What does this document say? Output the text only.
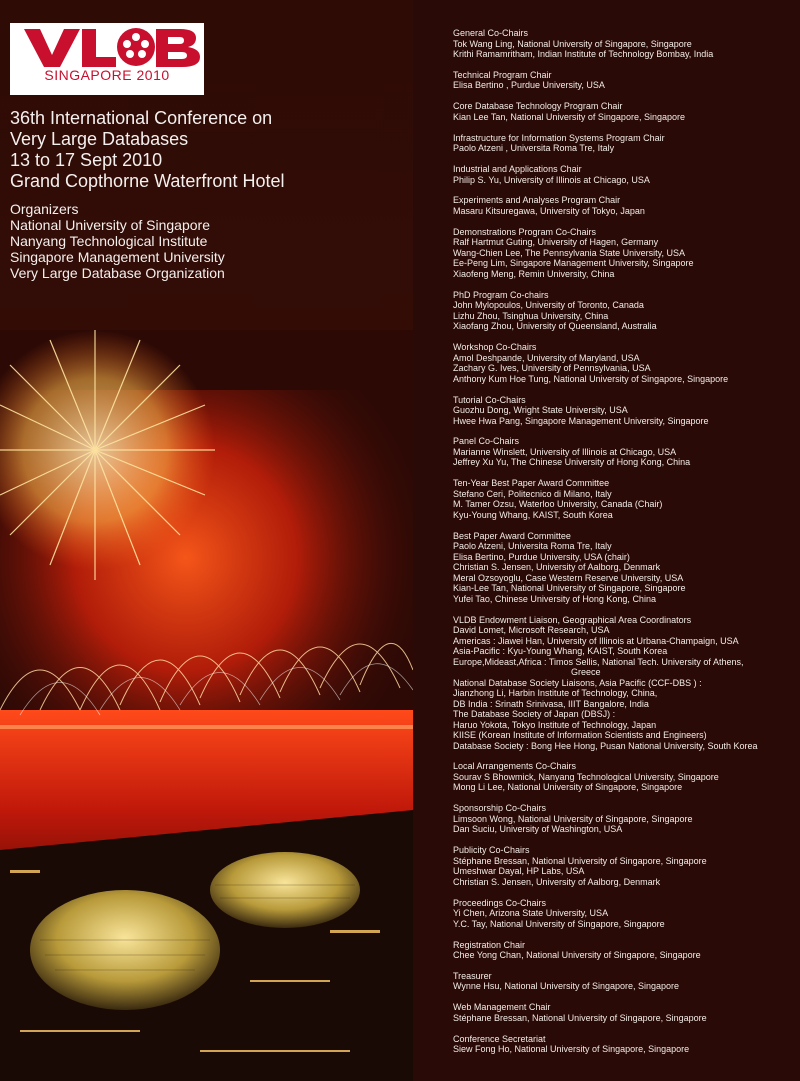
SINGAPORE 2010
36th International Conference on
Very Large Databases
13 to 17 Sept 2010
Grand Copthorne Waterfront Hotel
Organizers
National University of Singapore
Nanyang Technological Institute
Singapore Management University
Very Large Database Organization
General Co-Chairs
Tok Wang Ling, National University of Singapore, Singapore
Krithi Ramamritham, Indian Institute of Technology Bombay, India
Technical Program Chair
Elisa Bertino , Purdue University, USA
Core Database Technology Program Chair
Kian Lee Tan, National University of Singapore, Singapore
Infrastructure for Information Systems Program Chair
Paolo Atzeni , Universita Roma Tre, Italy
Industrial and Applications Chair
Philip S. Yu, University of Illinois at Chicago, USA
Experiments and Analyses Program Chair
Masaru Kitsuregawa, University of Tokyo, Japan
Demonstrations Program Co-Chairs
Ralf Hartmut Guting, University of Hagen, Germany
Wang-Chien Lee, The Pennsylvania State University, USA
Ee-Peng Lim, Singapore Management University, Singapore
Xiaofeng Meng, Remin University, China
PhD Program Co-chairs
John Mylopoulos, University of Toronto, Canada
Lizhu Zhou, Tsinghua University, China
Xiaofang Zhou, University of Queensland, Australia
Workshop Co-Chairs
Amol Deshpande, University of Maryland, USA
Zachary G. Ives, University of Pennsylvania, USA
Anthony Kum Hoe Tung, National University of Singapore, Singapore
Tutorial Co-Chairs
Guozhu Dong, Wright State University, USA
Hwee Hwa Pang, Singapore Management University, Singapore
Panel Co-Chairs
Marianne Winslett, University of Illinois at Chicago, USA
Jeffrey Xu Yu, The Chinese University of Hong Kong, China
Ten-Year Best Paper Award Committee
Stefano Ceri, Politecnico di Milano, Italy
M. Tamer Ozsu, Waterloo University, Canada (Chair)
Kyu-Young Whang, KAIST, South Korea
Best Paper Award Committee
Paolo Atzeni, Universita Roma Tre, Italy
Elisa Bertino, Purdue University, USA (chair)
Christian S. Jensen, University of Aalborg, Denmark
Meral Ozsoyoglu, Case Western Reserve University, USA
Kian-Lee Tan, National University of Singapore, Singapore
Yufei Tao, Chinese University of Hong Kong, China
VLDB Endowment Liaison, Geographical Area Coordinators
David Lomet, Microsoft Research, USA
Americas : Jiawei Han, University of Illinois at Urbana-Champaign, USA
Asia-Pacific : Kyu-Young Whang, KAIST, South Korea
Europe,Mideast,Africa : Timos Sellis, National Tech. University of Athens,
Greece
National Database Society Liaisons, Asia Pacific (CCF-DBS ) :
Jianzhong Li, Harbin Institute of Technology, China,
DB India : Srinath Srinivasa, IIIT Bangalore, India
The Database Society of Japan (DBSJ) :
Haruo Yokota, Tokyo Institute of Technology, Japan
KIISE (Korean Institute of Information Scientists and Engineers)
Database Society : Bong Hee Hong, Pusan National University, South Korea
Local Arrangements Co-Chairs
Sourav S Bhowmick, Nanyang Technological University, Singapore
Mong Li Lee, National University of Singapore, Singapore
Sponsorship Co-Chairs
Limsoon Wong, National University of Singapore, Singapore
Dan Suciu, University of Washington, USA
Publicity Co-Chairs
Stéphane Bressan, National University of Singapore, Singapore
Umeshwar Dayal, HP Labs, USA
Christian S. Jensen, University of Aalborg, Denmark
Proceedings Co-Chairs
Yi Chen, Arizona State University, USA
Y.C. Tay, National University of Singapore, Singapore
Registration Chair
Chee Yong Chan, National University of Singapore, Singapore
Treasurer
Wynne Hsu, National University of Singapore, Singapore
Web Management Chair
Stéphane Bressan, National University of Singapore, Singapore
Conference Secretariat
Siew Fong Ho, National University of Singapore, Singapore
